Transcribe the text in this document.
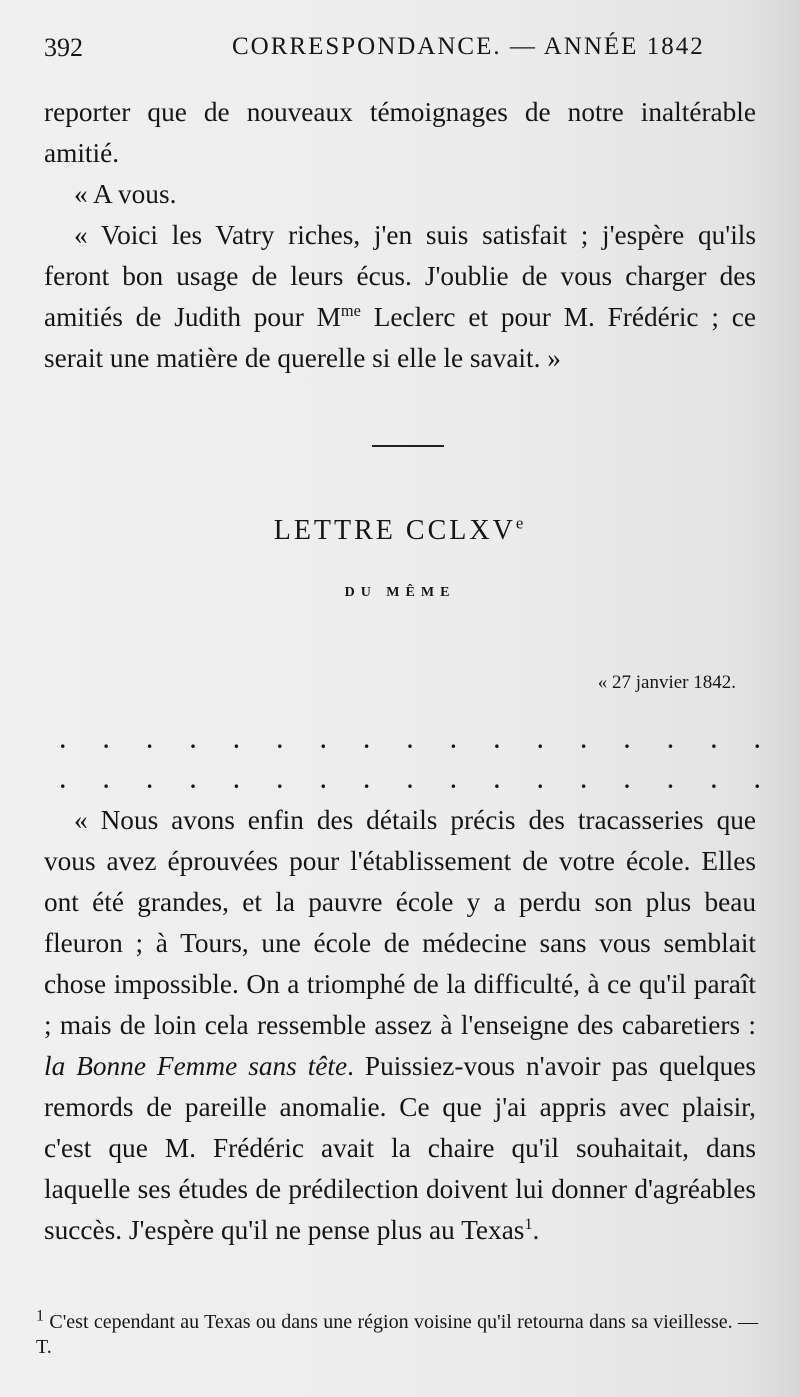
392	CORRESPONDANCE. — ANNÉE 1842

reporter que de nouveaux témoignages de notre inaltérable amitié.

« A vous.

« Voici les Vatry riches, j'en suis satisfait ; j'espère qu'ils feront bon usage de leurs écus. J'oublie de vous charger des amitiés de Judith pour $M^{me}$ Leclerc et pour M. Frédéric ; ce serait une matière de querelle si elle le savait. »

LETTRE CCLXVe
DU MÊME
« 27 janvier 1842.
. . . . . . . . . . . . . . . . .
. . . . . . . . . . . . . . . . .

« Nous avons enfin des détails précis des tracasseries que vous avez éprouvées pour l'établissement de votre école. Elles ont été grandes, et la pauvre école y a perdu son plus beau fleuron ; à Tours, une école de médecine sans vous semblait chose impossible. On a triomphé de la difficulté, à ce qu'il paraît ; mais de loin cela ressemble assez à l'enseigne des cabaretiers : la Bonne Femme sans tête. Puissiez-vous n'avoir pas quelques remords de pareille anomalie. Ce que j'ai appris avec plaisir, c'est que M. Frédéric avait la chaire qu'il souhaitait, dans laquelle ses études de prédilection doivent lui donner d'agréables succès. J'espère qu'il ne pense plus au Texas$^1$.

$^1$ C'est cependant au Texas ou dans une région voisine qu'il retourna dans sa vieillesse. — T.
